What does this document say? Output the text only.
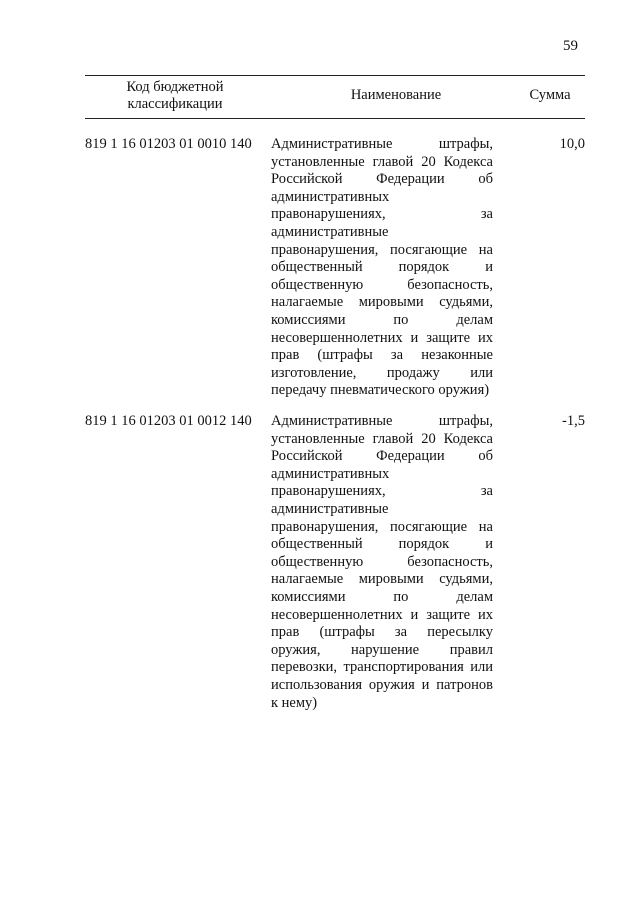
59
Код бюджетной классификации
Наименование	Сумма
819 1 16 01203 01 0010 140 Административные штрафы, установленные главой 20 Кодекса Российской Федерации об административных правонарушениях, за административные правонарушения, посягающие на общественный порядок и общественную безопасность, налагаемые мировыми судьями, комиссиями по делам несовершеннолетних и защите их прав (штрафы за незаконные изготовление, продажу или передачу пневматического оружия)
10,0
819 1 16 01203 01 0012 140 Административные штрафы, установленные главой 20 Кодекса Российской Федерации об административных правонарушениях, за административные правонарушения, посягающие на общественный порядок и общественную безопасность, налагаемые мировыми судьями, комиссиями по делам несовершеннолетних и защите их прав (штрафы за пересылку оружия, нарушение правил перевозки, транспортирования или использования оружия и патронов к нему)
-1,5
